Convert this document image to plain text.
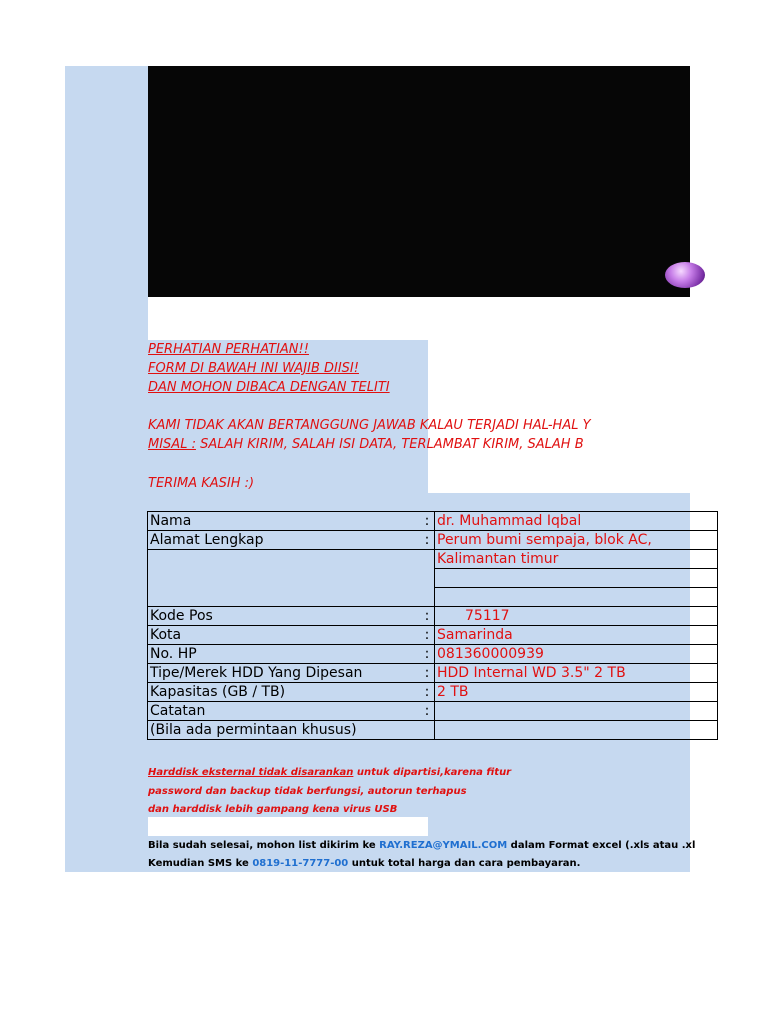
PERHATIAN PERHATIAN!!

FORM DI BAWAH INI WAJIB DIISI!

DAN MOHON DIBACA DENGAN TELITI

KAMI TIDAK AKAN BERTANGGUNG JAWAB KALAU TERJADI HAL-HAL Y

MISAL : SALAH KIRIM, SALAH ISI DATA, TERLAMBAT KIRIM, SALAH B

TERIMA KASIH :)

Nama	:	dr. Muhammad Iqbal
Alamat Lengkap	:	Perum bumi sempaja, blok AC,
		Kalimantan timur

Kode Pos	:	75117
Kota	:	Samarinda
No. HP	:	081360000939
Tipe/Merek HDD Yang Dipesan	:	HDD Internal WD 3.5" 2 TB
Kapasitas (GB / TB)	:	2 TB
Catatan	:	
(Bila ada permintaan khusus)		
Harddisk eksternal tidak disarankan untuk dipartisi,karena fitur
password dan backup tidak berfungsi, autorun terhapus
dan harddisk lebih gampang kena virus USB
Bila sudah selesai, mohon list dikirim ke RAY.REZA@YMAIL.COM dalam Format excel (.xls atau .xl
Kemudian SMS ke 0819-11-7777-00 untuk total harga dan cara pembayaran.
